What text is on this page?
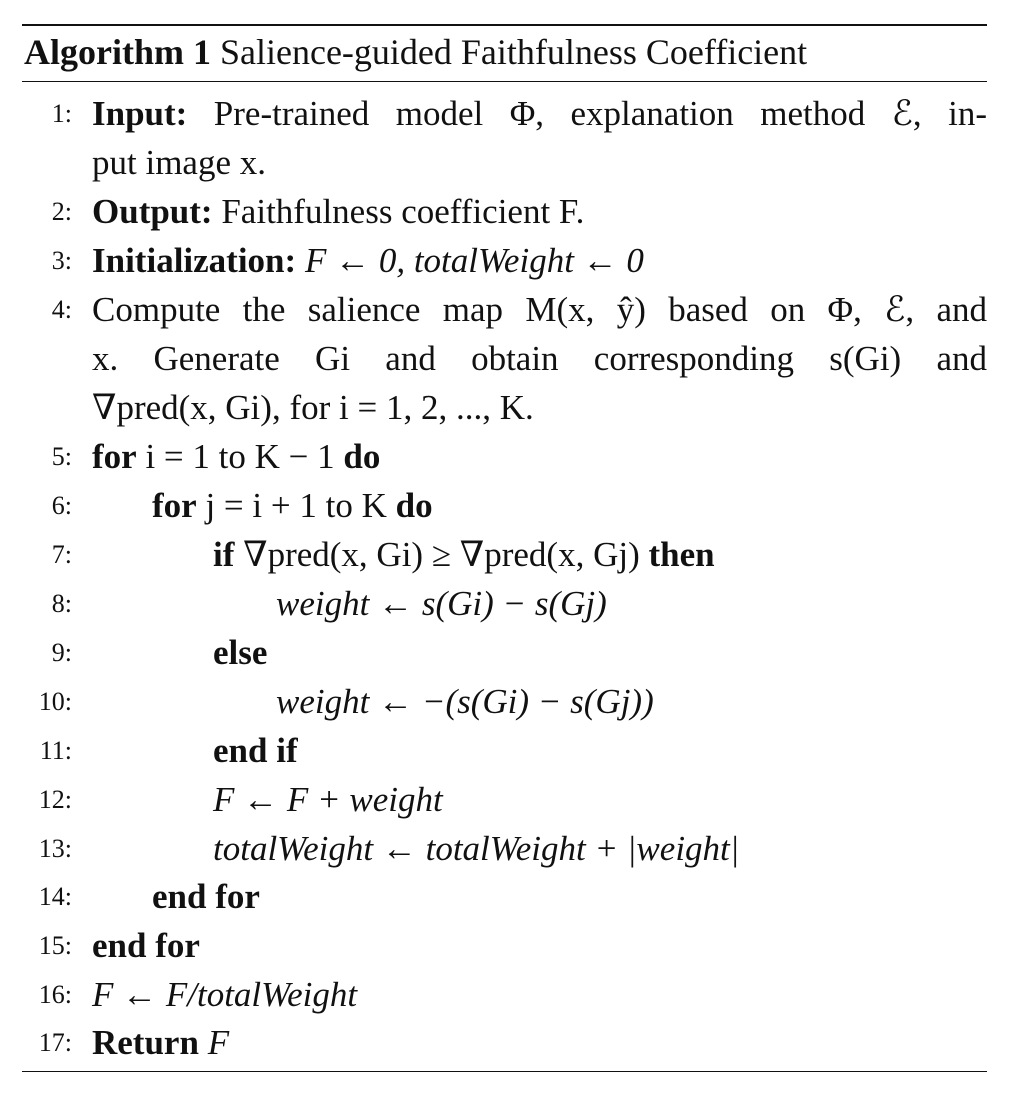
Algorithm 1 Salience-guided Faithfulness Coefficient
1: Input: Pre-trained model Φ, explanation method ℰ, in-
put image x.
2: Output: Faithfulness coefficient F.
3: Initialization: F ← 0, totalWeight ← 0
4: Compute the salience map M(x, ŷ) based on Φ, ℰ, and
x. Generate Gi and obtain corresponding s(Gi) and
∇pred(x, Gi), for i = 1, 2, ..., K.
5: for i = 1 to K − 1 do
6: for j = i + 1 to K do
7:	if ∇pred(x, Gi) ≥ ∇pred(x, Gj) then
8:	weight ← s(Gi) − s(Gj)
9:	else
10:	weight ← −(s(Gi) − s(Gj))
11:	end if
12:	F ← F + weight
13:	totalWeight ← totalWeight + |weight|
14: end for
15: end for
16: F ← F/totalWeight
17: Return F
